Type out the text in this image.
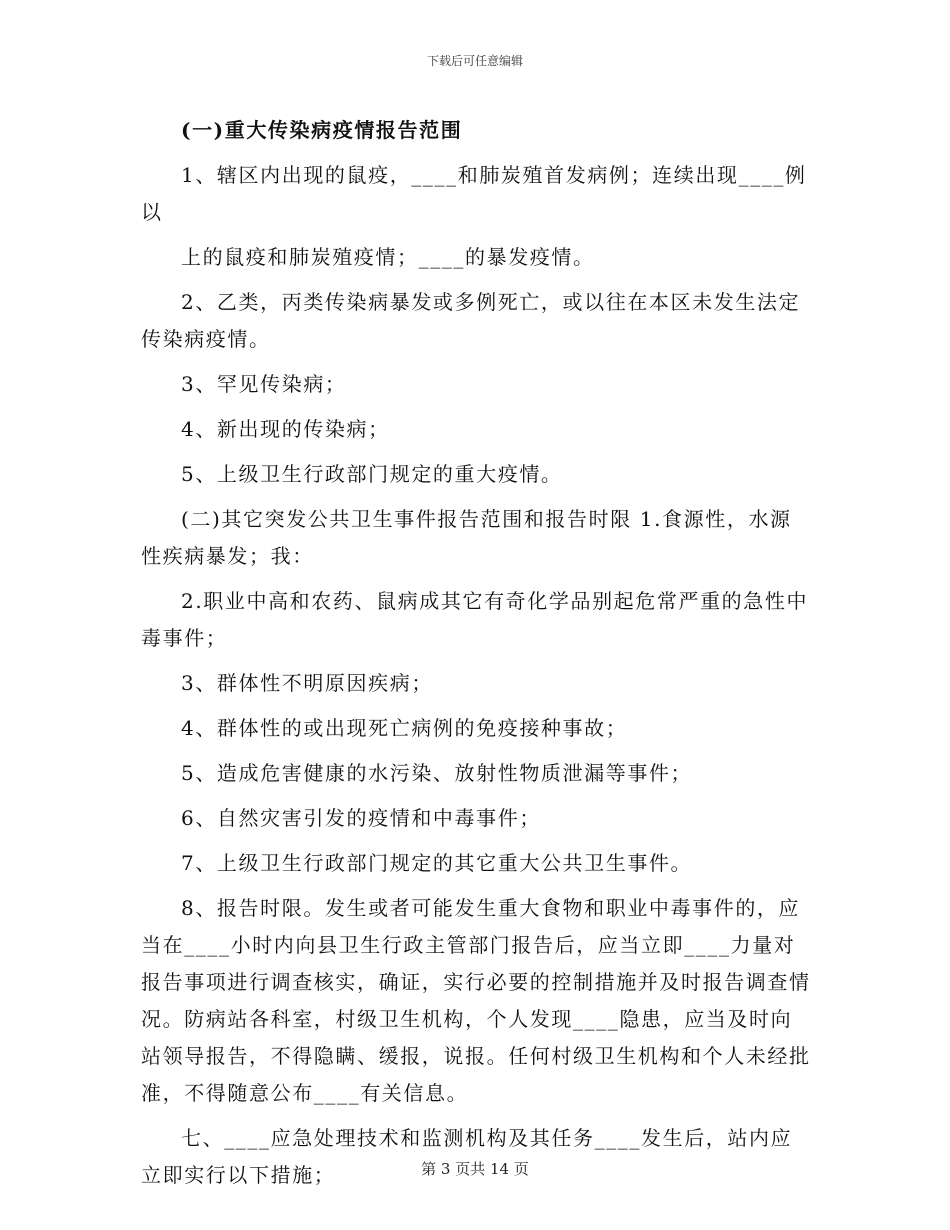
下载后可任意编辑

(一)重大传染病疫情报告范围

1、辖区内出现的鼠疫，____和肺炭殖首发病例；连续出现____例以

上的鼠疫和肺炭殖疫情；____的暴发疫情。

2、乙类，丙类传染病暴发或多例死亡，或以往在本区未发生法定传染病疫情。

3、罕见传染病；

4、新出现的传染病；

5、上级卫生行政部门规定的重大疫情。

(二)其它突发公共卫生事件报告范围和报告时限 1.食源性，水源性疾病暴发；我：

2.职业中高和农药、鼠病成其它有奇化学品别起危常严重的急性中毒事件；

3、群体性不明原因疾病；

4、群体性的或出现死亡病例的免疫接种事故；

5、造成危害健康的水污染、放射性物质泄漏等事件；

6、自然灾害引发的疫情和中毒事件；

7、上级卫生行政部门规定的其它重大公共卫生事件。

8、报告时限。发生或者可能发生重大食物和职业中毒事件的，应当在____小时内向县卫生行政主管部门报告后，应当立即____力量对报告事项进行调查核实，确证，实行必要的控制措施并及时报告调查情况。防病站各科室，村级卫生机构，个人发现____隐患，应当及时向站领导报告，不得隐瞒、缓报，说报。任何村级卫生机构和个人未经批准，不得随意公布____有关信息。

七、____应急处理技术和监测机构及其任务____发生后，站内应立即实行以下措施；	第 3 页共 14 页
